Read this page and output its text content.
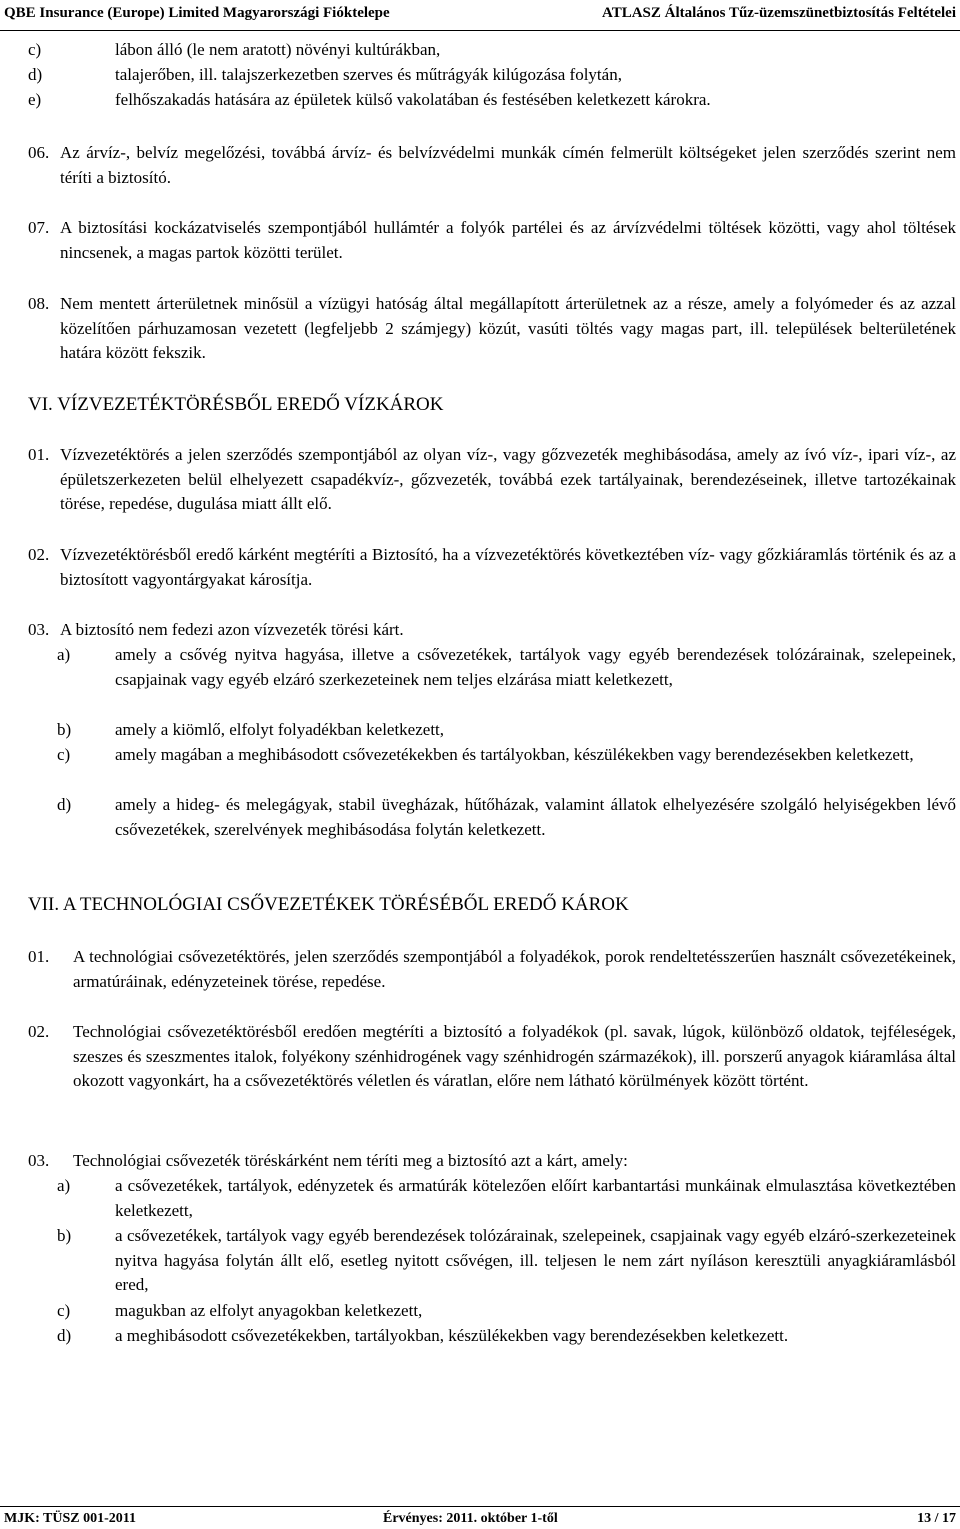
QBE Insurance (Europe) Limited Magyarországi Fióktelepe	ATLASZ Általános Tűz-üzemszünetbiztosítás Feltételei
c)	lábon álló (le nem aratott) növényi kultúrákban,
d)	talajerőben, ill. talajszerkezetben szerves és műtrágyák kilúgozása folytán,
e)	felhőszakadás hatására az épületek külső vakolatában és festésében keletkezett károkra.
06. Az árvíz-, belvíz megelőzési, továbbá árvíz- és belvízvédelmi munkák címén felmerült költségeket jelen szerződés szerint nem téríti a biztosító.
07. A biztosítási kockázatviselés szempontjából hullámtér a folyók partélei és az árvízvédelmi töltések közötti, vagy ahol töltések nincsenek, a magas partok közötti terület.
08. Nem mentett árterületnek minősül a vízügyi hatóság által megállapított árterületnek az a része, amely a folyómeder és az azzal közelítően párhuzamosan vezetett (legfeljebb 2 számjegy) közút, vasúti töltés vagy magas part, ill. települések belterületének határa között fekszik.
VI. VÍZVEZETÉKTÖRÉSBŐL EREDŐ VÍZKÁROK
01. Vízvezetéktörés a jelen szerződés szempontjából az olyan víz-, vagy gőzvezeték meghibásodása, amely az ívó víz-, ipari víz-, az épületszerkezeten belül elhelyezett csapadékvíz-, gőzvezeték, továbbá ezek tartályainak, berendezéseinek, illetve tartozékainak törése, repedése, dugulása miatt állt elő.
02. Vízvezetéktörésből eredő kárként megtéríti a Biztosító, ha a vízvezetéktörés következtében víz- vagy gőzkiáramlás történik és az a biztosított vagyontárgyakat károsítja.
03. A biztosító nem fedezi azon vízvezeték törési kárt.
a)	amely a csővég nyitva hagyása, illetve a csővezetékek, tartályok vagy egyéb berendezések tolózárainak, szelepeinek, csapjainak vagy egyéb elzáró szerkezeteinek nem teljes elzárása miatt keletkezett,
b)	amely a kiömlő, elfolyt folyadékban keletkezett,
c)	amely magában a meghibásodott csővezetékekben és tartályokban, készülékekben vagy berendezésekben keletkezett,
d)	amely a hideg- és melegágyak, stabil üvegházak, hűtőházak, valamint állatok elhelyezésére szolgáló helyiségekben lévő csővezetékek, szerelvények meghibásodása folytán keletkezett.
VII. A TECHNOLÓGIAI CSŐVEZETÉKEK TÖRÉSÉBŐL EREDŐ KÁROK
01. A technológiai csővezetéktörés, jelen szerződés szempontjából a folyadékok, porok rendeltetésszerűen használt csővezetékeinek, armatúráinak, edényzeteinek törése, repedése.
02. Technológiai csővezetéktörésből eredően megtéríti a biztosító a folyadékok (pl. savak, lúgok, különböző oldatok, tejféleségek, szeszes és szeszmentes italok, folyékony szénhidrogének vagy szénhidrogén származékok), ill. porszerű anyagok kiáramlása által okozott vagyonkárt, ha a csővezetéktörés véletlen és váratlan, előre nem látható körülmények között történt.
03. Technológiai csővezeték töréskárként nem téríti meg a biztosító azt a kárt, amely:
a)	a csővezetékek, tartályok, edényzetek és armatúrák kötelezően előírt karbantartási munkáinak elmulasztása következtében keletkezett,
b)	a csővezetékek, tartályok vagy egyéb berendezések tolózárainak, szelepeinek, csapjainak vagy egyéb elzáró-szerkezeteinek nyitva hagyása folytán állt elő, esetleg nyitott csővégen, ill. teljesen le nem zárt nyíláson keresztüli anyagkiáramlásból ered,
c)	magukban az elfolyt anyagokban keletkezett,
d)	a meghibásodott csővezetékekben, tartályokban, készülékekben vagy berendezésekben keletkezett.
MJK: TÜSZ 001-2011	Érvényes: 2011. október 1-től	13 / 17
